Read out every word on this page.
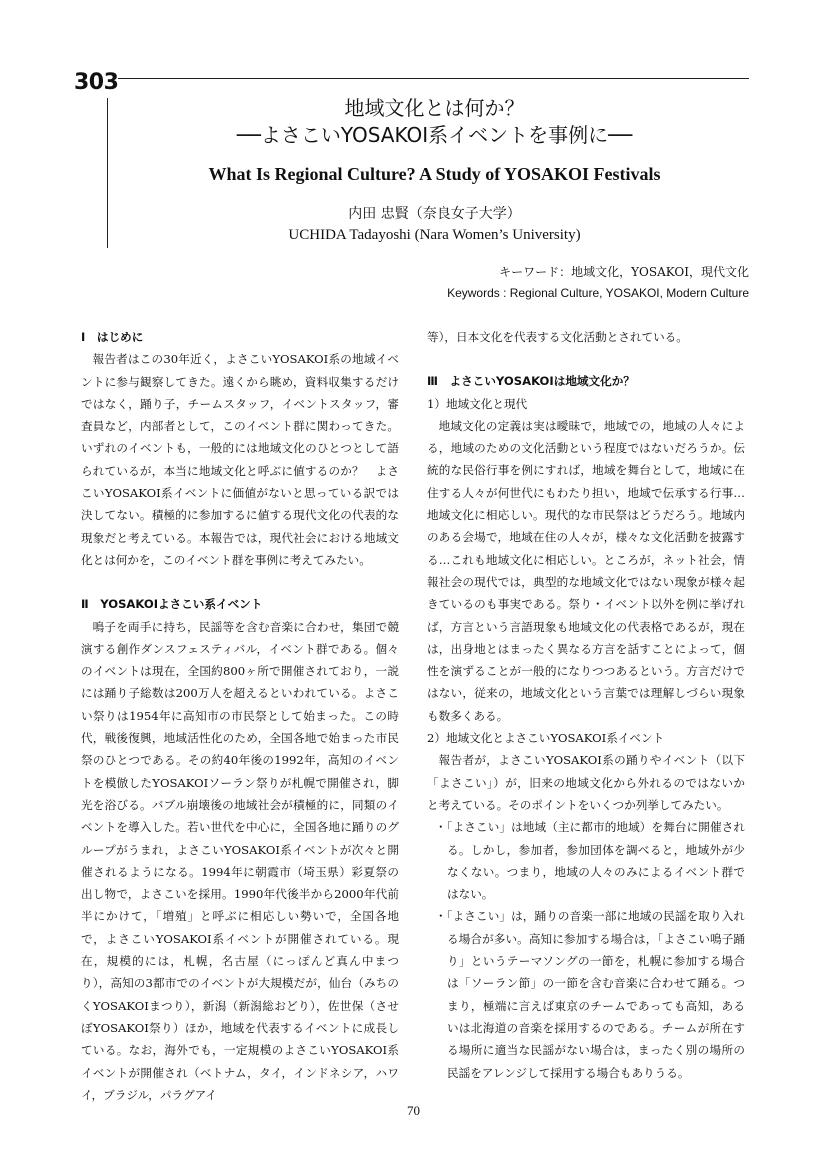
303
地域文化とは何か？
──よさこいYOSAKOI系イベントを事例に──
What Is Regional Culture? A Study of YOSAKOI Festivals
内田 忠賢（奈良女子大学）
UCHIDA Tadayoshi (Nara Women’s University)
キーワード：地域文化，YOSAKOI，現代文化
Keywords : Regional Culture, YOSAKOI, Modern Culture
Ⅰ　はじめに

報告者はこの30年近く，よさこいYOSAKOI系の地域イベントに参与観察してきた。遠くから眺め，資料収集するだけではなく，踊り子，チームスタッフ，イベントスタッフ，審査員など，内部者として，このイベント群に関わってきた。いずれのイベントも，一般的には地域文化のひとつとして語られているが，本当に地域文化と呼ぶに値するのか？　よさこいYOSAKOI系イベントに価値がないと思っている訳では決してない。積極的に参加するに値する現代文化の代表的な現象だと考えている。本報告では，現代社会における地域文化とは何かを，このイベント群を事例に考えてみたい。

Ⅱ　YOSAKOIよさこい系イベント

鳴子を両手に持ち，民謡等を含む音楽に合わせ，集団で競演する創作ダンスフェスティバル，イベント群である。個々のイベントは現在，全国約800ヶ所で開催されており，一説には踊り子総数は200万人を超えるといわれている。よさこい祭りは1954年に高知市の市民祭として始まった。この時代，戦後復興，地域活性化のため，全国各地で始まった市民祭のひとつである。その約40年後の1992年，高知のイベントを模倣したYOSAKOIソーラン祭りが札幌で開催され，脚光を浴びる。バブル崩壊後の地域社会が積極的に，同類のイベントを導入した。若い世代を中心に，全国各地に踊りのグループがうまれ，よさこいYOSAKOI系イベントが次々と開催されるようになる。1994年に朝霞市（埼玉県）彩夏祭の出し物で，よさこいを採用。1990年代後半から2000年代前半にかけて，「増殖」と呼ぶに相応しい勢いで，全国各地で，よさこいYOSAKOI系イベントが開催されている。現在，規模的には，札幌，名古屋（にっぽんど真ん中まつり），高知の3都市でのイベントが大規模だが，仙台（みちのくYOSAKOIまつり），新潟（新潟総おどり），佐世保（させぼYOSAKOI祭り）ほか，地域を代表するイベントに成長している。なお，海外でも，一定規模のよさこいYOSAKOI系イベントが開催され（ベトナム，タイ，インドネシア，ハワイ，ブラジル，パラグアイ

等），日本文化を代表する文化活動とされている。

Ⅲ　よさこいYOSAKOIは地域文化か？
1）地域文化と現代

地域文化の定義は実は曖昧で，地域での，地域の人々による，地域のための文化活動という程度ではないだろうか。伝統的な民俗行事を例にすれば，地域を舞台として，地域に在住する人々が何世代にもわたり担い，地域で伝承する行事…地域文化に相応しい。現代的な市民祭はどうだろう。地域内のある会場で，地域在住の人々が，様々な文化活動を披露する…これも地域文化に相応しい。ところが，ネット社会，情報社会の現代では，典型的な地域文化ではない現象が様々起きているのも事実である。祭り・イベント以外を例に挙げれば，方言という言語現象も地域文化の代表格であるが，現在は，出身地とはまったく異なる方言を話すことによって，個性を演ずることが一般的になりつつあるという。方言だけではない，従来の，地域文化という言葉では理解しづらい現象も数多くある。

2）地域文化とよさこいYOSAKOI系イベント

報告者が，よさこいYOSAKOI系の踊りやイベント（以下「よさこい」）が，旧来の地域文化から外れるのではないかと考えている。そのポイントをいくつか列挙してみたい。

・「よさこい」は地域（主に都市的地域）を舞台に開催される。しかし，参加者，参加団体を調べると，地域外が少なくない。つまり，地域の人々のみによるイベント群ではない。
・「よさこい」は，踊りの音楽一部に地域の民謡を取り入れる場合が多い。高知に参加する場合は，「よさこい鳴子踊り」というテーマソングの一節を，札幌に参加する場合は「ソーラン節」の一節を含む音楽に合わせて踊る。つまり，極端に言えば東京のチームであっても高知，あるいは北海道の音楽を採用するのである。チームが所在する場所に適当な民謡がない場合は，まったく別の場所の民謡をアレンジして採用する場合もありうる。
70
